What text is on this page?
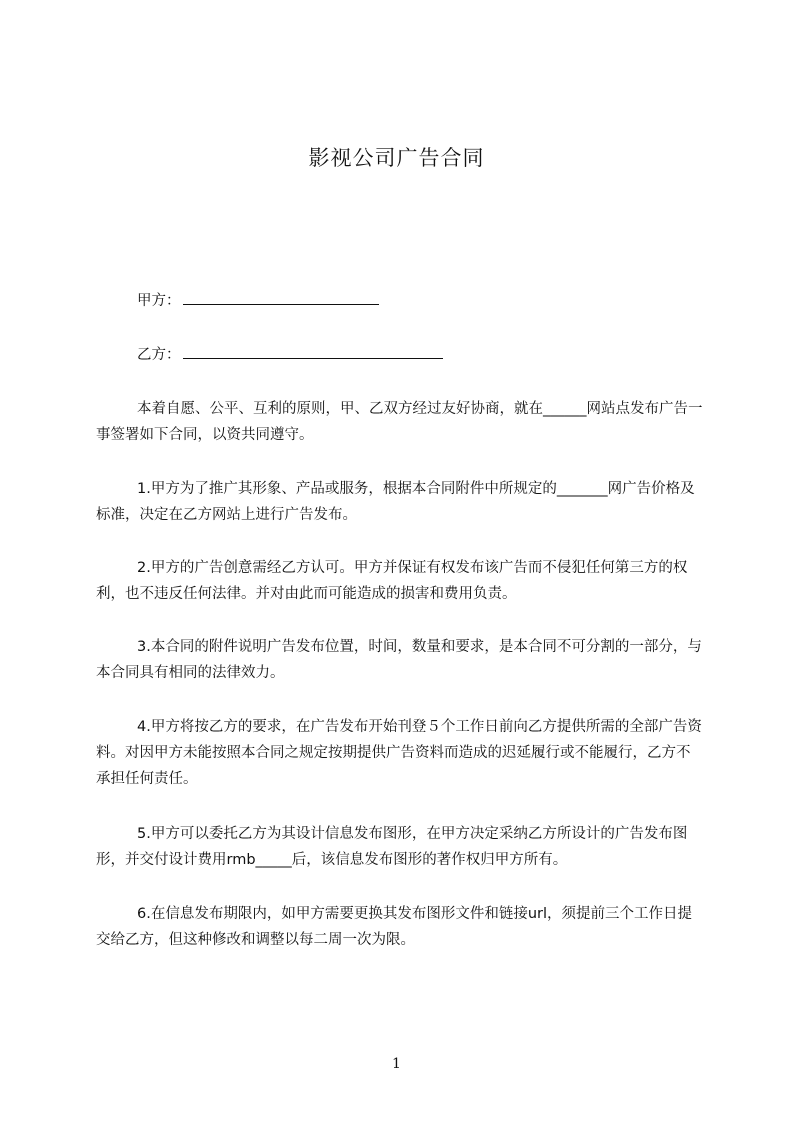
影视公司广告合同
甲方：
乙方：

本着自愿、公平、互利的原则，甲、乙双方经过友好协商，就在______网站点发布广告一事签署如下合同，以资共同遵守。

1.甲方为了推广其形象、产品或服务，根据本合同附件中所规定的_______网广告价格及标准，决定在乙方网站上进行广告发布。

2.甲方的广告创意需经乙方认可。甲方并保证有权发布该广告而不侵犯任何第三方的权利，也不违反任何法律。并对由此而可能造成的损害和费用负责。

3.本合同的附件说明广告发布位置，时间，数量和要求，是本合同不可分割的一部分，与本合同具有相同的法律效力。

4.甲方将按乙方的要求，在广告发布开始刊登５个工作日前向乙方提供所需的全部广告资料。对因甲方未能按照本合同之规定按期提供广告资料而造成的迟延履行或不能履行，乙方不承担任何责任。

5.甲方可以委托乙方为其设计信息发布图形，在甲方决定采纳乙方所设计的广告发布图形，并交付设计费用rmb_____后，该信息发布图形的著作权归甲方所有。

6.在信息发布期限内，如甲方需要更换其发布图形文件和链接url，须提前三个工作日提交给乙方，但这种修改和调整以每二周一次为限。

1
